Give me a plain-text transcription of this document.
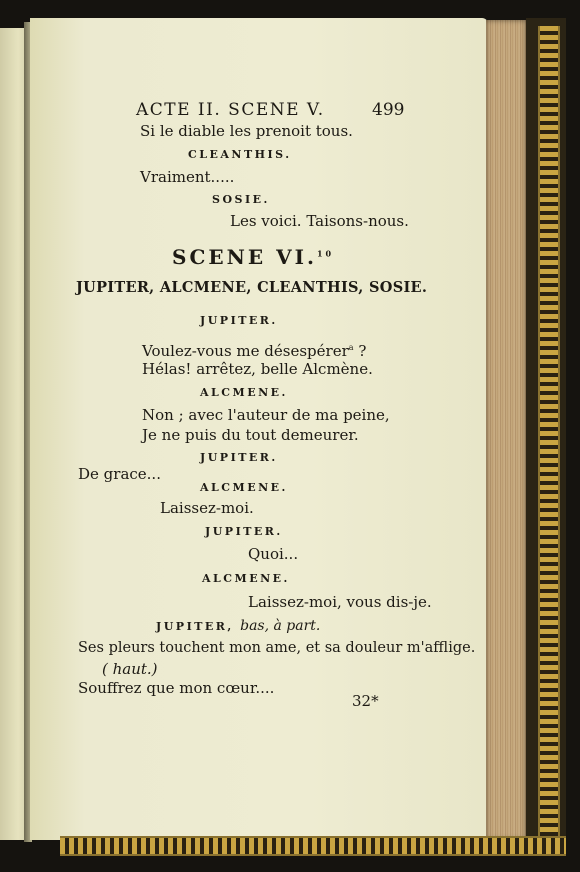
ACTE II. SCENE V.	499

Si le diable les prenoit tous.

CLEANTHIS.

Vraiment.....

SOSIE.

Les voici. Taisons-nous.

SCENE VI.$^{10}$

JUPITER, ALCMENE, CLEANTHIS, SOSIE.

JUPITER.

Voulez-vous me désespérer$^a$ ?

Hélas! arrêtez, belle Alcmène.

ALCMENE.

Non ; avec l'auteur de ma peine,

Je ne puis du tout demeurer.

JUPITER.

De grace...

ALCMENE.

Laissez-moi.

JUPITER.

Quoi...

ALCMENE.

Laissez-moi, vous dis-je.

JUPITER, bas, à part.

Ses pleurs touchent mon ame, et sa douleur m'afflige.

( haut.)

Souffrez que mon cœur....

32*
